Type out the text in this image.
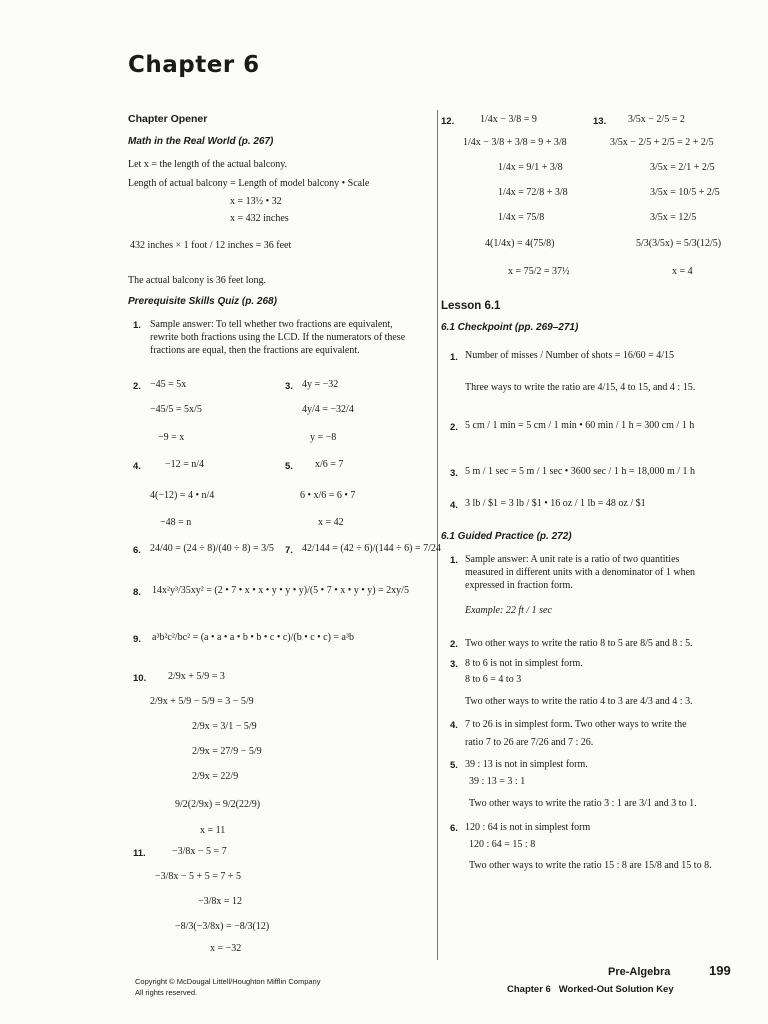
Chapter 6
Chapter Opener
Math in the Real World (p. 267)
Let x = the length of the actual balcony.
Length of actual balcony = Length of model balcony • Scale
x = 13½ • 32
x = 432 inches
432 inches × 1 foot / 12 inches = 36 feet
The actual balcony is 36 feet long.
Prerequisite Skills Quiz (p. 268)
1. Sample answer: To tell whether two fractions are equivalent, rewrite both fractions using the LCD. If the numerators of these fractions are equal, then the fractions are equivalent.
2. −45 = 5x
−45/5 = 5x/5
−9 = x
3. 4y = −32
4y/4 = −32/4
y = −8
4. −12 = n/4
4(−12) = 4 • n/4
−48 = n
5. x/6 = 7
6 • x/6 = 6 • 7
x = 42
6. 24/40 = (24 ÷ 8)/(40 ÷ 8) = 3/5 7. 42/144 = (42 ÷ 6)/(144 ÷ 6) = 7/24
8. 14x²y³/35xy² = (2 • 7 • x • x • y • y • y)/(5 • 7 • x • y • y) = 2xy/5
9. a³b²c²/bc² = (a • a • a • b • b • c • c)/(b • c • c) = a³b
10. 2/9x + 5/9 = 3
2/9x + 5/9 − 5/9 = 3 − 5/9
2/9x = 3/1 − 5/9
2/9x = 27/9 − 5/9
2/9x = 22/9
9/2(2/9x) = 9/2(22/9)
x = 11
11.	−3/8x − 5 = 7
−3/8x − 5 + 5 = 7 + 5
−3/8x = 12
−8/3(−3/8x) = −8/3(12)
x = −32
12.	1/4x − 3/8 = 9
1/4x − 3/8 + 3/8 = 9 + 3/8
1/4x = 9/1 + 3/8
1/4x = 72/8 + 3/8
1/4x = 75/8
4(1/4x) = 4(75/8)
x = 75/2 = 37½
13. 3/5x − 2/5 = 2
3/5x − 2/5 + 2/5 = 2 + 2/5
3/5x = 2/1 + 2/5
3/5x = 10/5 + 2/5
3/5x = 12/5
5/3(3/5x) = 5/3(12/5)
x = 4
Lesson 6.1
6.1 Checkpoint (pp. 269–271)
1. Number of misses / Number of shots = 16/60 = 4/15
Three ways to write the ratio are 4/15, 4 to 15, and 4 : 15.
2. 5 cm / 1 min = 5 cm / 1 min • 60 min / 1 h = 300 cm / 1 h
3. 5 m / 1 sec = 5 m / 1 sec • 3600 sec / 1 h = 18,000 m / 1 h
4. 3 lb / $1 = 3 lb / $1 • 16 oz / 1 lb = 48 oz / $1
6.1 Guided Practice (p. 272)
1. Sample answer: A unit rate is a ratio of two quantities
measured in different units with a denominator of 1 when
expressed in fraction form.
Example: 22 ft / 1 sec
2. Two other ways to write the ratio 8 to 5 are 8/5 and 8 : 5.
3. 8 to 6 is not in simplest form.
8 to 6 = 4 to 3
Two other ways to write the ratio 4 to 3 are 4/3 and 4 : 3.
4. 7 to 26 is in simplest form. Two other ways to write the
ratio 7 to 26 are 7/26 and 7 : 26.
5. 39 : 13 is not in simplest form.
39 : 13 = 3 : 1
Two other ways to write the ratio 3 : 1 are 3/1 and 3 to 1.
6. 120 : 64 is not in simplest form
120 : 64 = 15 : 8
Two other ways to write the ratio 15 : 8 are 15/8 and 15 to 8.
Copyright © McDougal Littell/Houghton Mifflin Company
All rights reserved.
Pre-Algebra	199
Chapter 6   Worked-Out Solution Key
